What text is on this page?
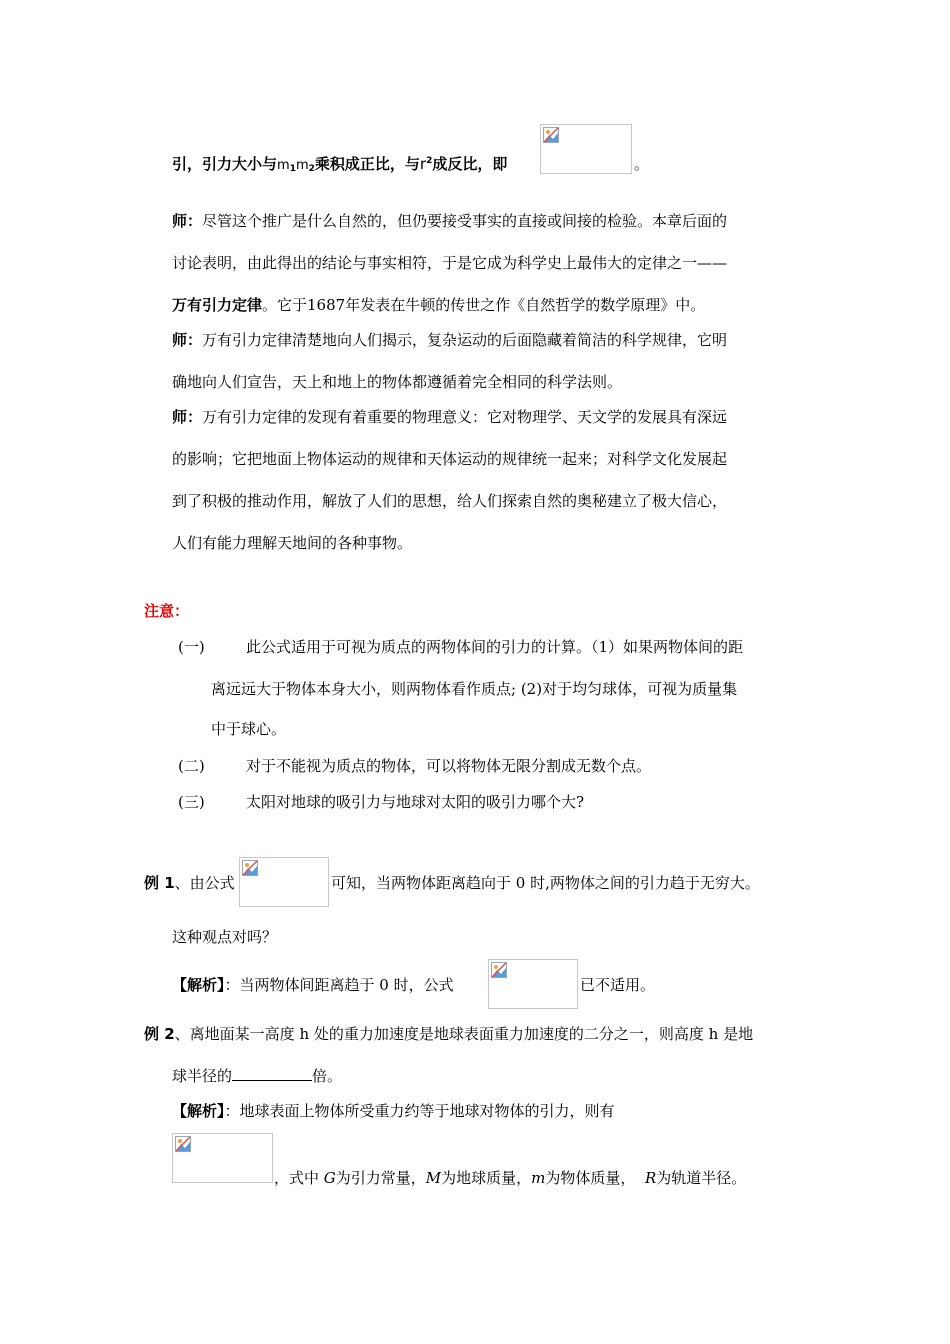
引，引力大小与$m_1m_2$乘积成正比，与$r^2$成反比，即	。
师：尽管这个推广是什么自然的，但仍要接受事实的直接或间接的检验。本章后面的
讨论表明，由此得出的结论与事实相符，于是它成为科学史上最伟大的定律之一——
万有引力定律。它于1687年发表在牛顿的传世之作《自然哲学的数学原理》中。
师：万有引力定律清楚地向人们揭示，复杂运动的后面隐藏着简洁的科学规律，它明
确地向人们宣告，天上和地上的物体都遵循着完全相同的科学法则。
师：万有引力定律的发现有着重要的物理意义：它对物理学、天文学的发展具有深远
的影响；它把地面上物体运动的规律和天体运动的规律统一起来；对科学文化发展起
到了积极的推动作用，解放了人们的思想，给人们探索自然的奥秘建立了极大信心，
人们有能力理解天地间的各种事物。
注意：
(一)	此公式适用于可视为质点的两物体间的引力的计算。（1）如果两物体间的距
离远远大于物体本身大小，则两物体看作质点; (2)对于均匀球体，可视为质量集
中于球心。
(二)	对于不能视为质点的物体，可以将物体无限分割成无数个点。
(三)	太阳对地球的吸引力与地球对太阳的吸引力哪个大?
例 1、由公式	可知，当两物体距离趋向于 0 时,两物体之间的引力趋于无穷大。
这种观点对吗？
【解析】：当两物体间距离趋于 0 时，公式	已不适用。
例 2、离地面某一高度 h 处的重力加速度是地球表面重力加速度的二分之一，则高度 h 是地
球半径的	倍。
【解析】：地球表面上物体所受重力约等于地球对物体的引力，则有
，式中 G为引力常量，M为地球质量，m为物体质量，  R为轨道半径。
